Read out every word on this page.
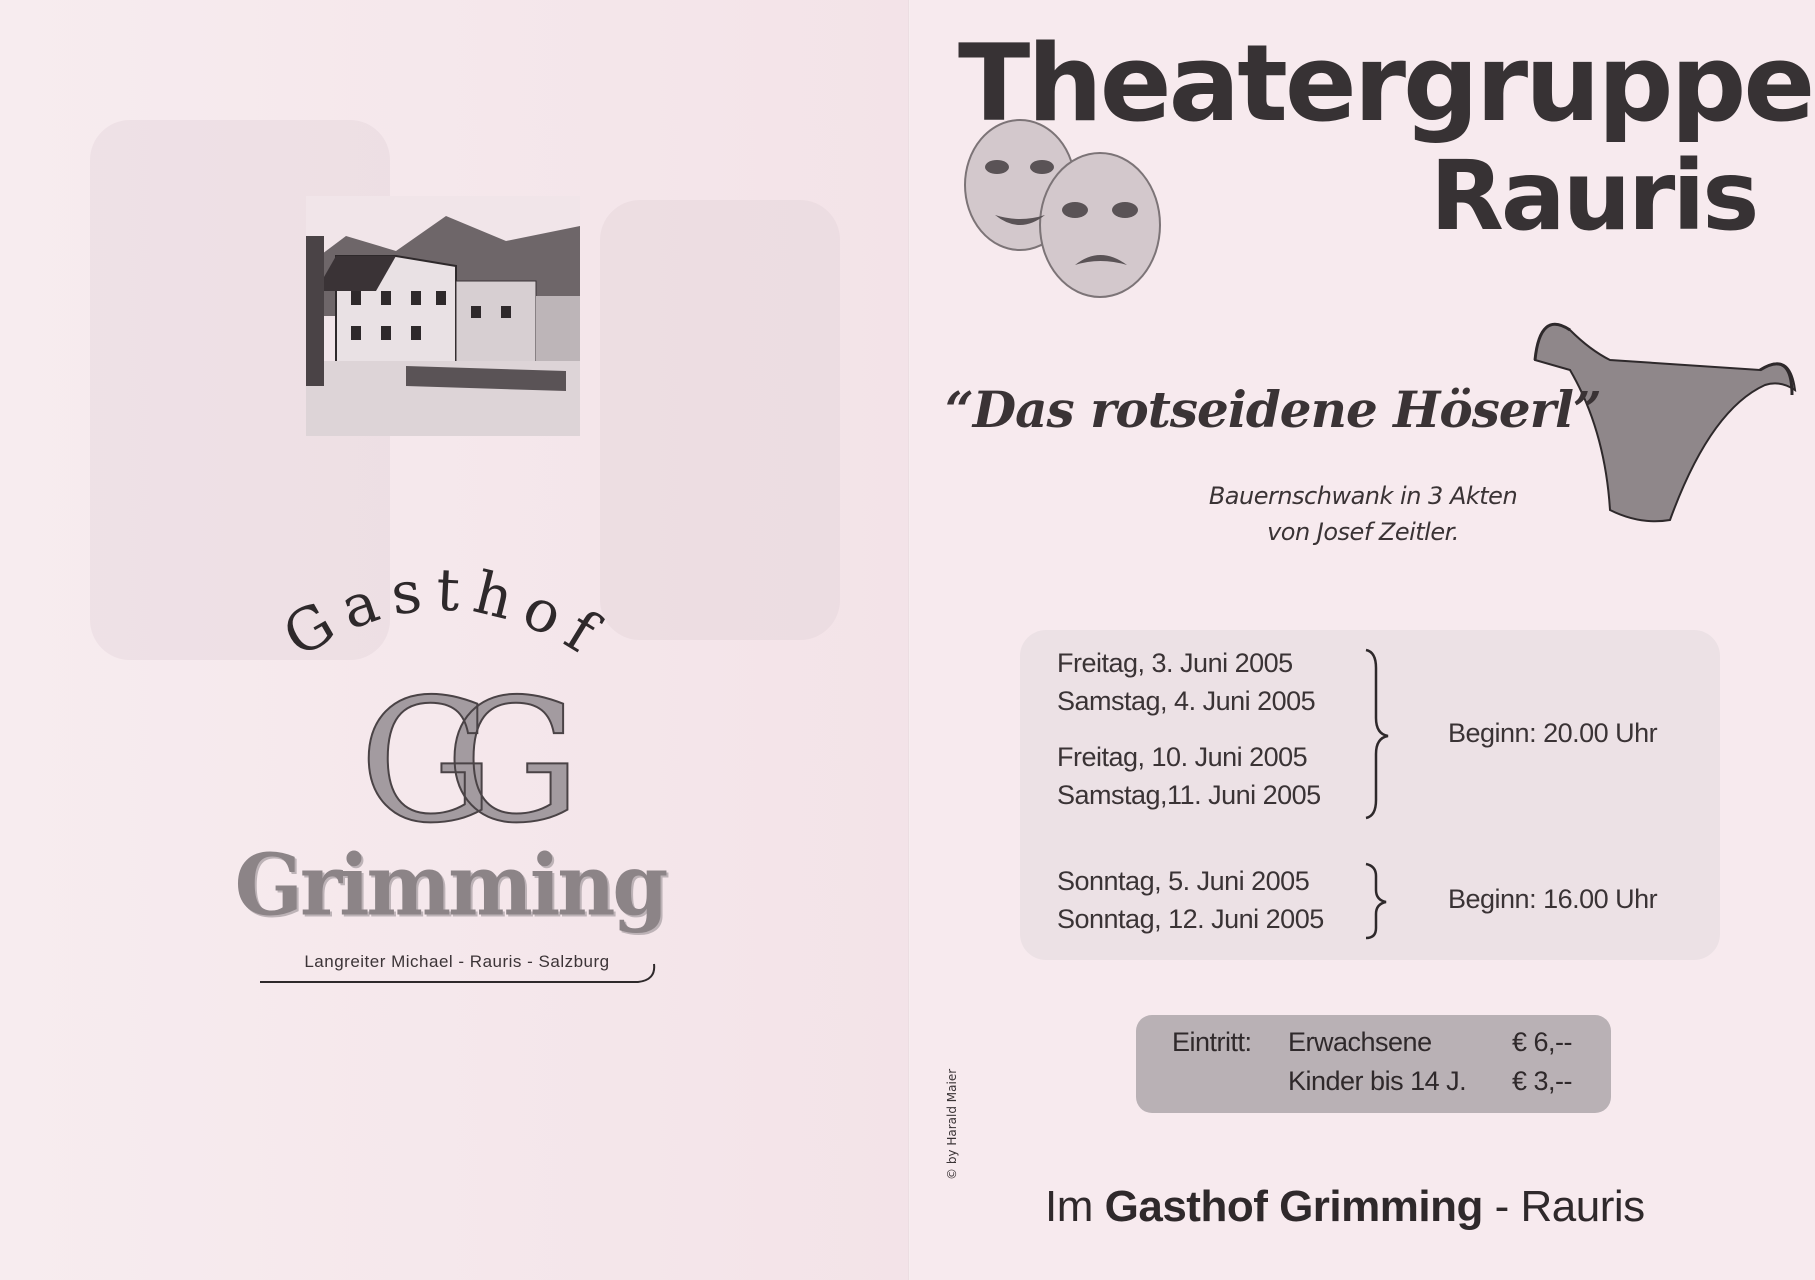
Gasthof
GG
Grimming
Langreiter Michael - Rauris - Salzburg
Theatergruppe
Rauris
“Das rotseidene Höserl”
Bauernschwank in 3 Akten
von Josef Zeitler.
Freitag, 3. Juni 2005
Samstag, 4. Juni 2005
Freitag, 10. Juni 2005
Samstag,11. Juni 2005
Beginn: 20.00 Uhr
Sonntag, 5. Juni 2005
Sonntag, 12. Juni 2005
Beginn: 16.00 Uhr
Eintritt: Erwachsene	€ 6,--
Kinder bis 14 J. € 3,--
© by Harald Maier
Im Gasthof Grimming - Rauris
